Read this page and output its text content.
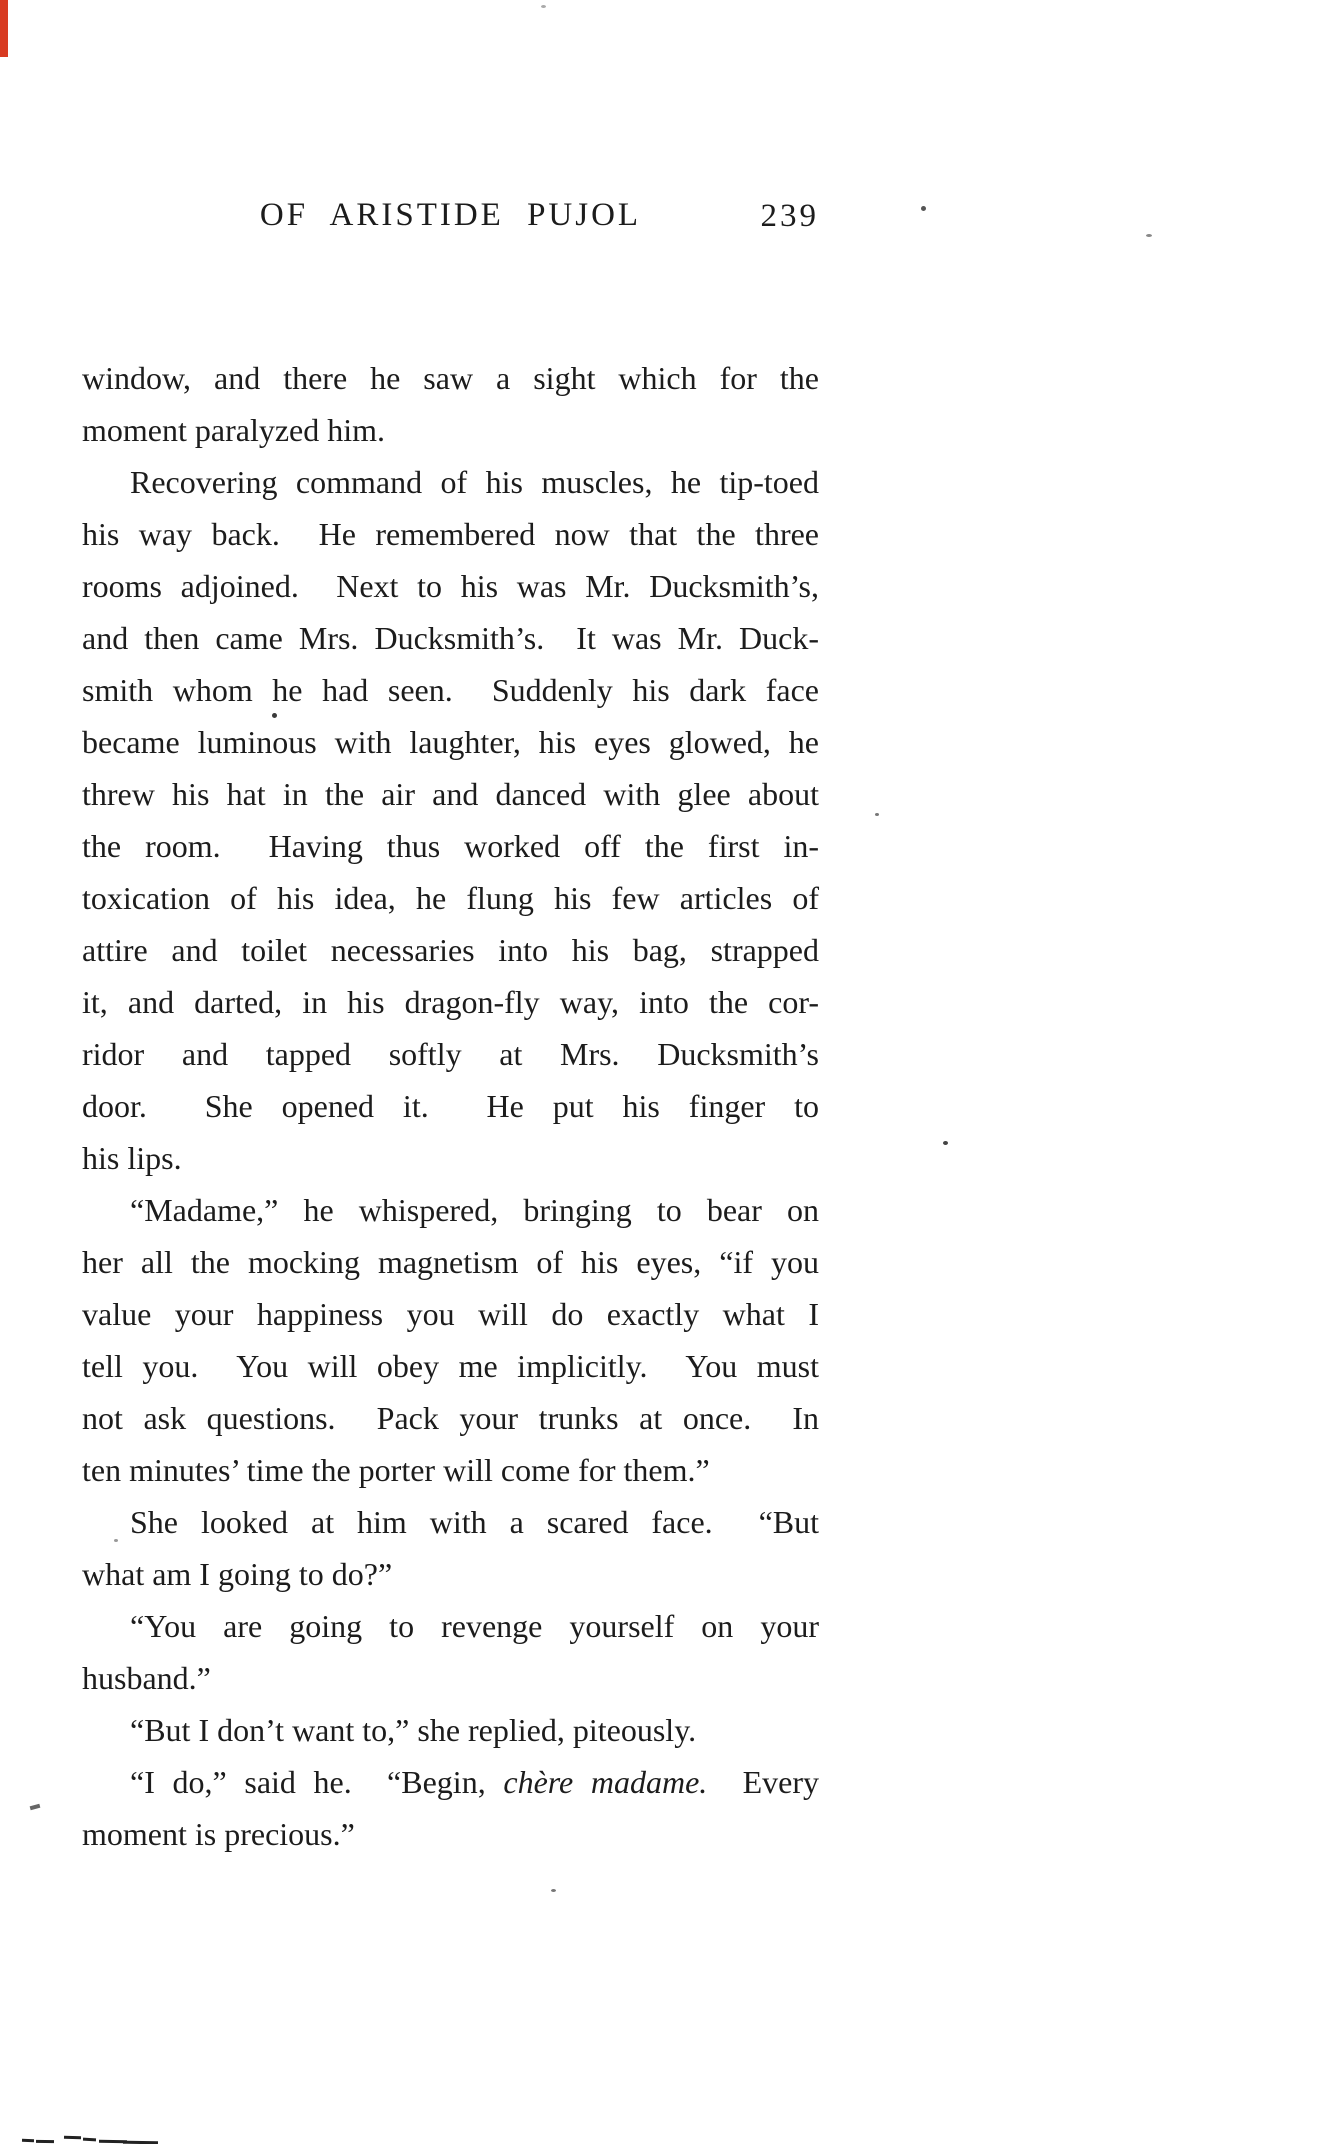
OF ARISTIDE PUJOL	239
window, and there he saw a sight which for the
moment paralyzed him.
Recovering command of his muscles, he tip-toed
his way back.  He remembered now that the three
rooms adjoined.  Next to his was Mr. Ducksmith’s,
and then came Mrs. Ducksmith’s.  It was Mr. Duck-
smith whom he had seen.  Suddenly his dark face
became luminous with laughter, his eyes glowed, he
threw his hat in the air and danced with glee about
the room.  Having thus worked off the first in-
toxication of his idea, he flung his few articles of
attire and toilet necessaries into his bag, strapped
it, and darted, in his dragon-fly way, into the cor-
ridor and tapped softly at Mrs. Ducksmith’s
door.  She opened it.  He put his finger to
his lips.
“Madame,” he whispered, bringing to bear on
her all the mocking magnetism of his eyes, “if you
value your happiness you will do exactly what I
tell you.  You will obey me implicitly.  You must
not ask questions.  Pack your trunks at once.  In
ten minutes’ time the porter will come for them.”
She looked at him with a scared face.  “But
what am I going to do?”
“You are going to revenge yourself on your
husband.”
“But I don’t want to,” she replied, piteously.
“I do,” said he.  “Begin, chère madame.  Every
moment is precious.”
